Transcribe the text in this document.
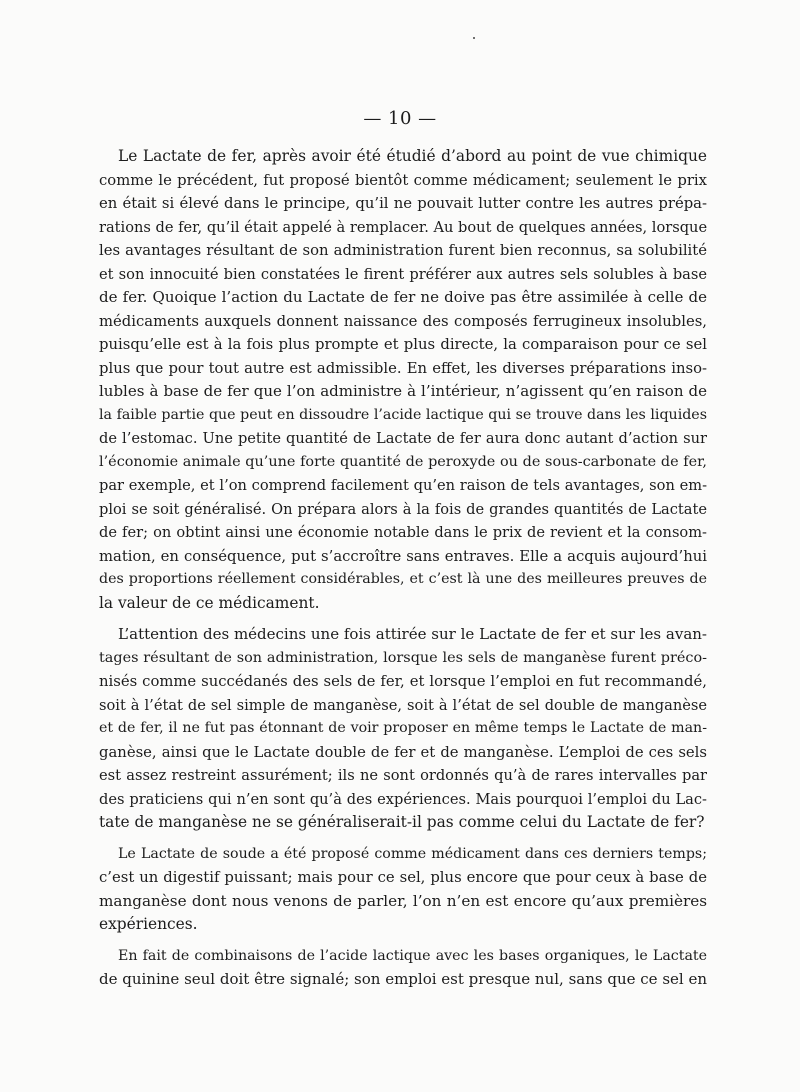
— 10 —
Le Lactate de fer, après avoir été étudié d’abord au point de vue chimique
comme le précédent, fut proposé bientôt comme médicament; seulement le prix
en était si élevé dans le principe, qu’il ne pouvait lutter contre les autres prépa-
rations de fer, qu’il était appelé à remplacer. Au bout de quelques années, lorsque
les avantages résultant de son administration furent bien reconnus, sa solubilité
et son innocuité bien constatées le firent préférer aux autres sels solubles à base
de fer. Quoique l’action du Lactate de fer ne doive pas être assimilée à celle de
médicaments auxquels donnent naissance des composés ferrugineux insolubles,
puisqu’elle est à la fois plus prompte et plus directe, la comparaison pour ce sel
plus que pour tout autre est admissible. En effet, les diverses préparations inso-
lubles à base de fer que l’on administre à l’intérieur, n’agissent qu’en raison de
la faible partie que peut en dissoudre l’acide lactique qui se trouve dans les liquides
de l’estomac. Une petite quantité de Lactate de fer aura donc autant d’action sur
l’économie animale qu’une forte quantité de peroxyde ou de sous-carbonate de fer,
par exemple, et l’on comprend facilement qu’en raison de tels avantages, son em-
ploi se soit généralisé. On prépara alors à la fois de grandes quantités de Lactate
de fer; on obtint ainsi une économie notable dans le prix de revient et la consom-
mation, en conséquence, put s’accroître sans entraves. Elle a acquis aujourd’hui
des proportions réellement considérables, et c’est là une des meilleures preuves de
la valeur de ce médicament.
L’attention des médecins une fois attirée sur le Lactate de fer et sur les avan-
tages résultant de son administration, lorsque les sels de manganèse furent préco-
nisés comme succédanés des sels de fer, et lorsque l’emploi en fut recommandé,
soit à l’état de sel simple de manganèse, soit à l’état de sel double de manganèse
et de fer, il ne fut pas étonnant de voir proposer en même temps le Lactate de man-
ganèse, ainsi que le Lactate double de fer et de manganèse. L’emploi de ces sels
est assez restreint assurément; ils ne sont ordonnés qu’à de rares intervalles par
des praticiens qui n’en sont qu’à des expériences. Mais pourquoi l’emploi du Lac-
tate de manganèse ne se généraliserait-il pas comme celui du Lactate de fer?
Le Lactate de soude a été proposé comme médicament dans ces derniers temps;
c’est un digestif puissant; mais pour ce sel, plus encore que pour ceux à base de
manganèse dont nous venons de parler, l’on n’en est encore qu’aux premières
expériences.
En fait de combinaisons de l’acide lactique avec les bases organiques, le Lactate
de quinine seul doit être signalé; son emploi est presque nul, sans que ce sel en
